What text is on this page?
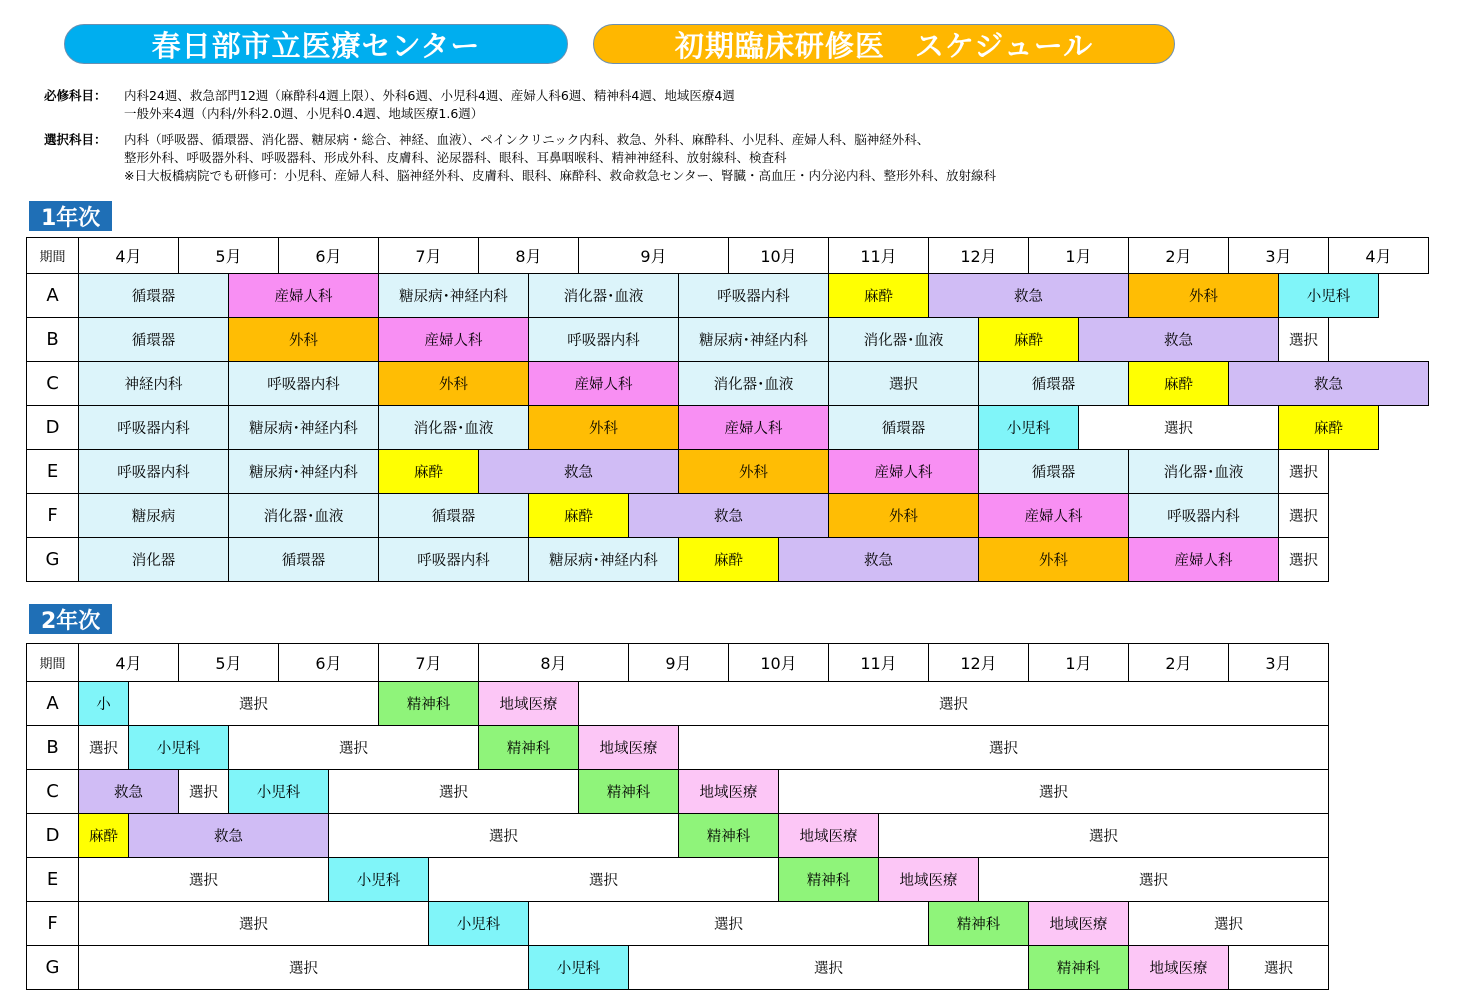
春日部市立医療センター	初期臨床研修医　スケジュール
必修科目：	内科24週、救急部門12週（麻酔科4週上限）、外科6週、小児科4週、産婦人科6週、精神科4週、地域医療4週
一般外来4週（内科/外科2.0週、小児科0.4週、地域医療1.6週）
選択科目：	内科（呼吸器、循環器、消化器、糖尿病・総合、神経、血液）、ペインクリニック内科、救急、外科、麻酔科、小児科、産婦人科、脳神経外科、
整形外科、呼吸器外科、呼吸器科、形成外科、皮膚科、泌尿器科、眼科、耳鼻咽喉科、精神神経科、放射線科、検査科
※日大板橋病院でも研修可：小児科、産婦人科、脳神経外科、皮膚科、眼科、麻酔科、救命救急センター、腎臓・高血圧・内分泌内科、整形外科、放射線科
1年次
期間	4月	5月	6月	7月	8月	9月	10月	11月	12月	1月	2月	3月	4月
A	循環器	産婦人科	糖尿病･神経内科	消化器･血液	呼吸器内科	麻酔	救急	外科	小児科
B	循環器	外科	産婦人科	呼吸器内科	糖尿病･神経内科	消化器･血液	麻酔	救急	選択
C	神経内科	呼吸器内科	外科	産婦人科	消化器･血液	選択	循環器	麻酔	救急
D	呼吸器内科	糖尿病･神経内科	消化器･血液	外科	産婦人科	循環器	小児科	選択	麻酔
E	呼吸器内科	糖尿病･神経内科	麻酔	救急	外科	産婦人科	循環器	消化器･血液	選択
F	糖尿病	消化器･血液	循環器	麻酔	救急	外科	産婦人科	呼吸器内科	選択
G	消化器	循環器	呼吸器内科	糖尿病･神経内科	麻酔	救急	外科	産婦人科	選択
2年次
期間	4月	5月	6月	7月	8月	9月	10月	11月	12月	1月	2月	3月
A	小	選択	精神科	地域医療	選択
B	選択	小児科	選択	精神科	地域医療	選択
C	救急	選択	小児科	選択	精神科	地域医療	選択
D	麻酔	救急	選択	精神科	地域医療	選択
E	選択	小児科	選択	精神科	地域医療	選択
F	選択	小児科	選択	精神科	地域医療	選択
G	選択	小児科	選択	精神科	地域医療	選択
